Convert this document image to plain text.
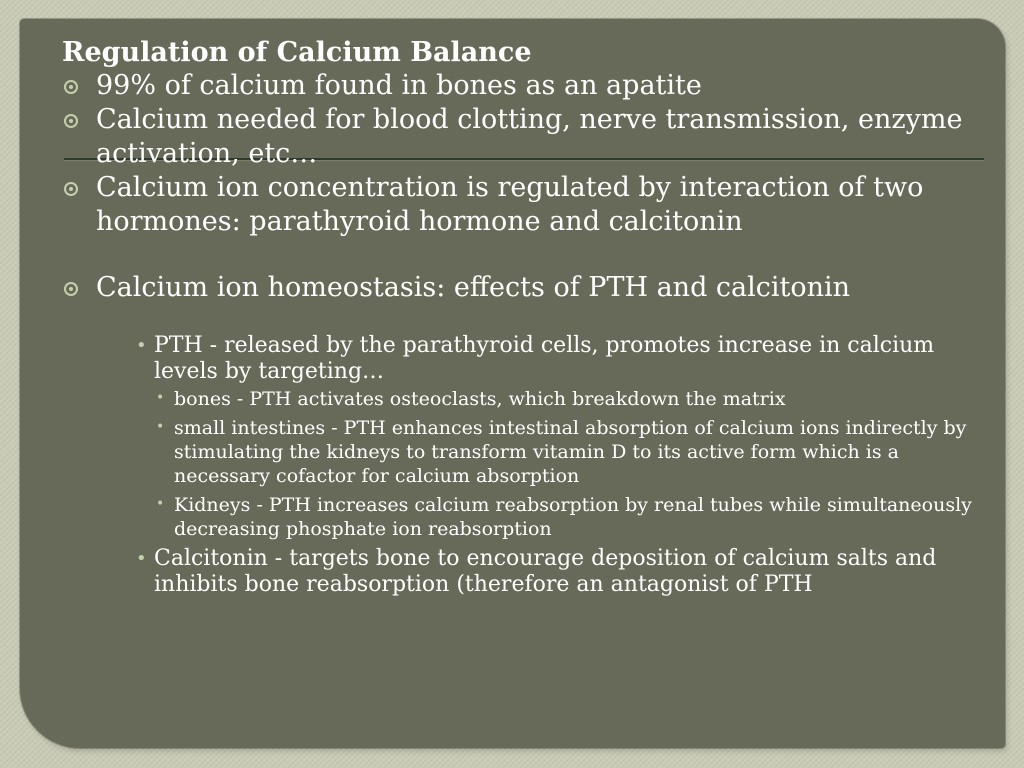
Regulation of Calcium Balance

99% of calcium found in bones as an apatite

Calcium needed for blood clotting, nerve transmission, enzyme activation, etc…

Calcium ion concentration is regulated by interaction of two hormones: parathyroid hormone and calcitonin

Calcium ion homeostasis: effects of PTH and calcitonin

• PTH - released by the parathyroid cells, promotes increase in calcium levels by targeting…

• bones - PTH activates osteoclasts, which breakdown the matrix

• small intestines - PTH enhances intestinal absorption of calcium ions indirectly by stimulating the kidneys to transform vitamin D to its active form which is a necessary cofactor for calcium absorption

• Kidneys - PTH increases calcium reabsorption by renal tubes while simultaneously decreasing phosphate ion reabsorption

• Calcitonin - targets bone to encourage deposition of calcium salts and inhibits bone reabsorption (therefore an antagonist of PTH
